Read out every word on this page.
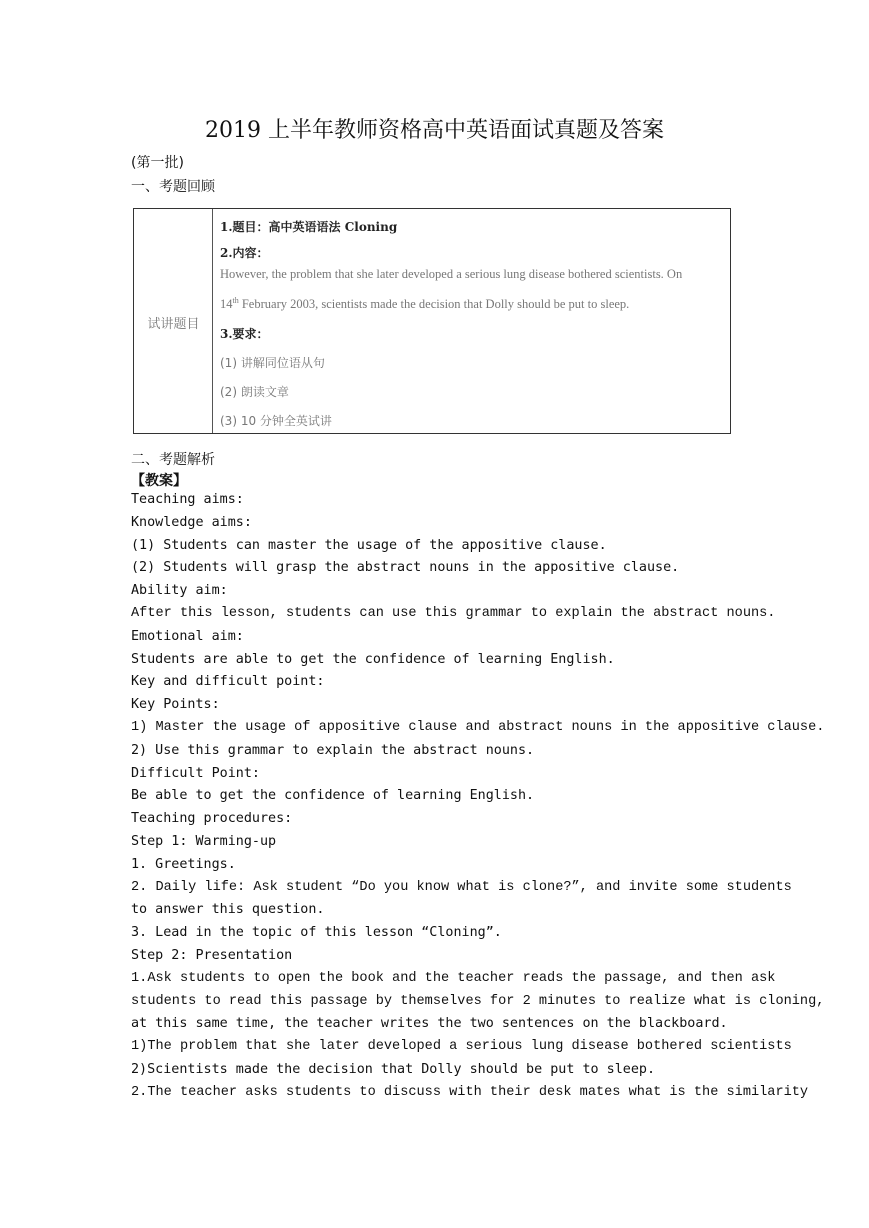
2019 上半年教师资格高中英语面试真题及答案
(第一批)
一、考题回顾
试讲题目
1.题目：高中英语语法 Cloning
2.内容：
However, the problem that she later developed a serious lung disease bothered scientists. On
14th February 2003, scientists made the decision that Dolly should be put to sleep.
3.要求：
(1) 讲解同位语从句
(2) 朗读文章
(3) 10 分钟全英试讲
二、考题解析
【教案】
Teaching aims:
Knowledge aims:
(1) Students can master the usage of the appositive clause.
(2) Students will grasp the abstract nouns in the appositive clause.
Ability aim:
After this lesson, students can use this grammar to explain the abstract nouns.
Emotional aim:
Students are able to get the confidence of learning English.
Key and difficult point:
Key Points:
1) Master the usage of appositive clause and abstract nouns in the appositive clause.
2) Use this grammar to explain the abstract nouns.
Difficult Point:
Be able to get the confidence of learning English.
Teaching procedures:
Step 1: Warming-up
1. Greetings.
2. Daily life: Ask student “Do you know what is clone?”, and invite some students
to answer this question.
3. Lead in the topic of this lesson “Cloning”.
Step 2: Presentation
1.Ask students to open the book and the teacher reads the passage, and then ask
students to read this passage by themselves for 2 minutes to realize what is cloning,
at this same time, the teacher writes the two sentences on the blackboard.
1)The problem that she later developed a serious lung disease bothered scientists
2)Scientists made the decision that Dolly should be put to sleep.
2.The teacher asks students to discuss with their desk mates what is the similarity
